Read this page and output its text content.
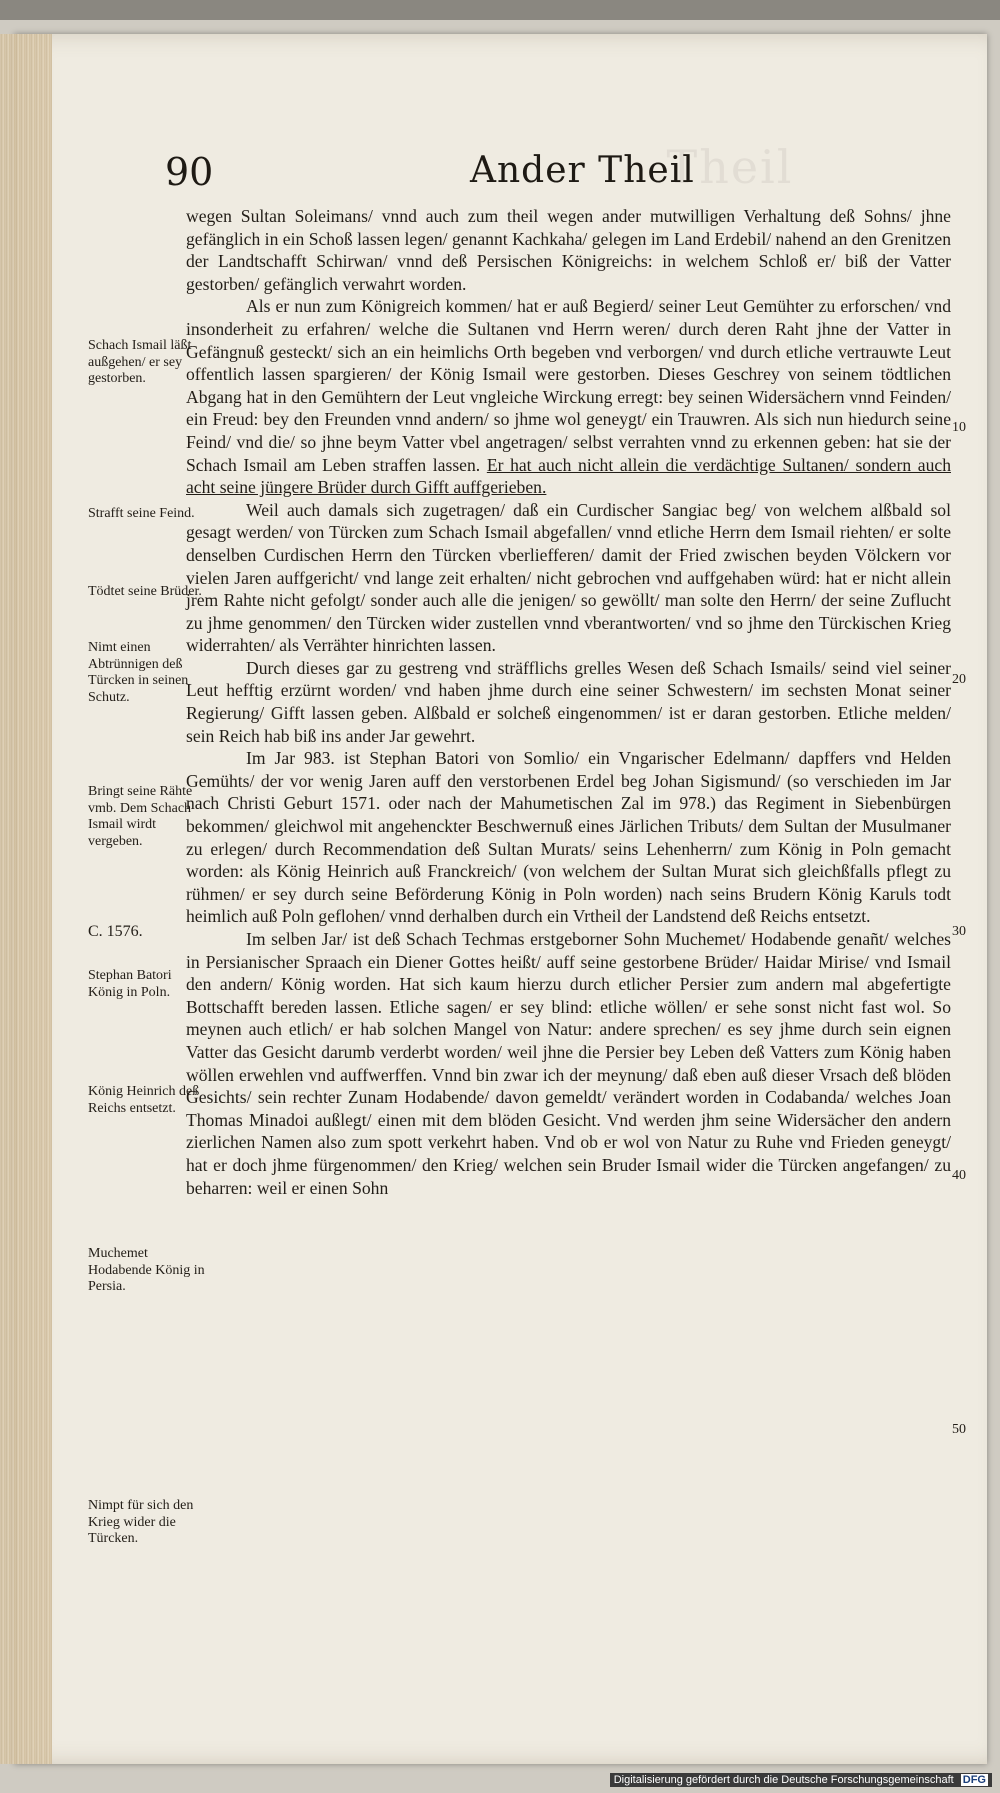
Theil
90	Ander Theil
Schach Ismail läßt außgehen/ er sey gestorben.
Strafft seine Feind.
Tödtet seine Brüder.
Nimt einen Abtrünnigen deß Türcken in seinen Schutz.
Bringt seine Rähte vmb. Dem Schach Ismail wirdt vergeben.
C. 1576.
Stephan Batori König in Poln.
König Heinrich deß Reichs entsetzt.
Muchemet Hodabende König in Persia.
Nimpt für sich den Krieg wider die Türcken.
10
20
30
40
50

wegen Sultan Soleimans/ vnnd auch zum theil wegen ander mutwilligen Verhaltung deß Sohns/ jhne gefänglich in ein Schoß lassen legen/ genannt Kachkaha/ gelegen im Land Erdebil/ nahend an den Grenitzen der Landtschafft Schirwan/ vnnd deß Persischen Königreichs: in welchem Schloß er/ biß der Vatter gestorben/ gefänglich verwahrt worden.

Als er nun zum Königreich kommen/ hat er auß Begierd/ seiner Leut Gemühter zu erforschen/ vnd insonderheit zu erfahren/ welche die Sultanen vnd Herrn weren/ durch deren Raht jhne der Vatter in Gefängnuß gesteckt/ sich an ein heimlichs Orth begeben vnd verborgen/ vnd durch etliche vertrauwte Leut offentlich lassen spargieren/ der König Ismail were gestorben. Dieses Geschrey von seinem tödtlichen Abgang hat in den Gemühtern der Leut vngleiche Wirckung erregt: bey seinen Widersächern vnnd Feinden/ ein Freud: bey den Freunden vnnd andern/ so jhme wol geneygt/ ein Trauwren. Als sich nun hiedurch seine Feind/ vnd die/ so jhne beym Vatter vbel angetragen/ selbst verrahten vnnd zu erkennen geben: hat sie der Schach Ismail am Leben straffen lassen. Er hat auch nicht allein die verdächtige Sultanen/ sondern auch acht seine jüngere Brüder durch Gifft auffgerieben.

Weil auch damals sich zugetragen/ daß ein Curdischer Sangiac beg/ von welchem alßbald sol gesagt werden/ von Türcken zum Schach Ismail abgefallen/ vnnd etliche Herrn dem Ismail riehten/ er solte denselben Curdischen Herrn den Türcken vberliefferen/ damit der Fried zwischen beyden Völckern vor vielen Jaren auffgericht/ vnd lange zeit erhalten/ nicht gebrochen vnd auffgehaben würd: hat er nicht allein jrem Rahte nicht gefolgt/ sonder auch alle die jenigen/ so gewöllt/ man solte den Herrn/ der seine Zuflucht zu jhme genommen/ den Türcken wider zustellen vnnd vberantworten/ vnd so jhme den Türckischen Krieg widerrahten/ als Verrähter hinrichten lassen.

Durch dieses gar zu gestreng vnd sträfflichs grelles Wesen deß Schach Ismails/ seind viel seiner Leut hefftig erzürnt worden/ vnd haben jhme durch eine seiner Schwestern/ im sechsten Monat seiner Regierung/ Gifft lassen geben. Alßbald er solcheß eingenommen/ ist er daran gestorben. Etliche melden/ sein Reich hab biß ins ander Jar gewehrt.

Im Jar 983. ist Stephan Batori von Somlio/ ein Vngarischer Edelmann/ dapffers vnd Helden Gemühts/ der vor wenig Jaren auff den verstorbenen Erdel beg Johan Sigismund/ (so verschieden im Jar nach Christi Geburt 1571. oder nach der Mahumetischen Zal im 978.) das Regiment in Siebenbürgen bekommen/ gleichwol mit angehenckter Beschwernuß eines Järlichen Tributs/ dem Sultan der Musulmaner zu erlegen/ durch Recommendation deß Sultan Murats/ seins Lehenherrn/ zum König in Poln gemacht worden: als König Heinrich auß Franckreich/ (von welchem der Sultan Murat sich gleichßfalls pflegt zu rühmen/ er sey durch seine Beförderung König in Poln worden) nach seins Brudern König Karuls todt heimlich auß Poln geflohen/ vnnd derhalben durch ein Vrtheil der Landstend deß Reichs entsetzt.

Im selben Jar/ ist deß Schach Techmas erstgeborner Sohn Muchemet/ Hodabende genañt/ welches in Persianischer Spraach ein Diener Gottes heißt/ auff seine gestorbene Brüder/ Haidar Mirise/ vnd Ismail den andern/ König worden. Hat sich kaum hierzu durch etlicher Persier zum andern mal abgefertigte Bottschafft bereden lassen. Etliche sagen/ er sey blind: etliche wöllen/ er sehe sonst nicht fast wol. So meynen auch etlich/ er hab solchen Mangel von Natur: andere sprechen/ es sey jhme durch sein eignen Vatter das Gesicht darumb verderbt worden/ weil jhne die Persier bey Leben deß Vatters zum König haben wöllen erwehlen vnd auffwerffen. Vnnd bin zwar ich der meynung/ daß eben auß dieser Vrsach deß blöden Gesichts/ sein rechter Zunam Hodabende/ davon gemeldt/ verändert worden in Codabanda/ welches Joan Thomas Minadoi außlegt/ einen mit dem blöden Gesicht. Vnd werden jhm seine Widersächer den andern zierlichen Namen also zum spott verkehrt haben. Vnd ob er wol von Natur zu Ruhe vnd Frieden geneygt/ hat er doch jhme fürgenommen/ den Krieg/ welchen sein Bruder Ismail wider die Türcken angefangen/ zu beharren: weil er einen Sohn

Digitalisierung gefördert durch die Deutsche Forschungsgemeinschaft DFG
